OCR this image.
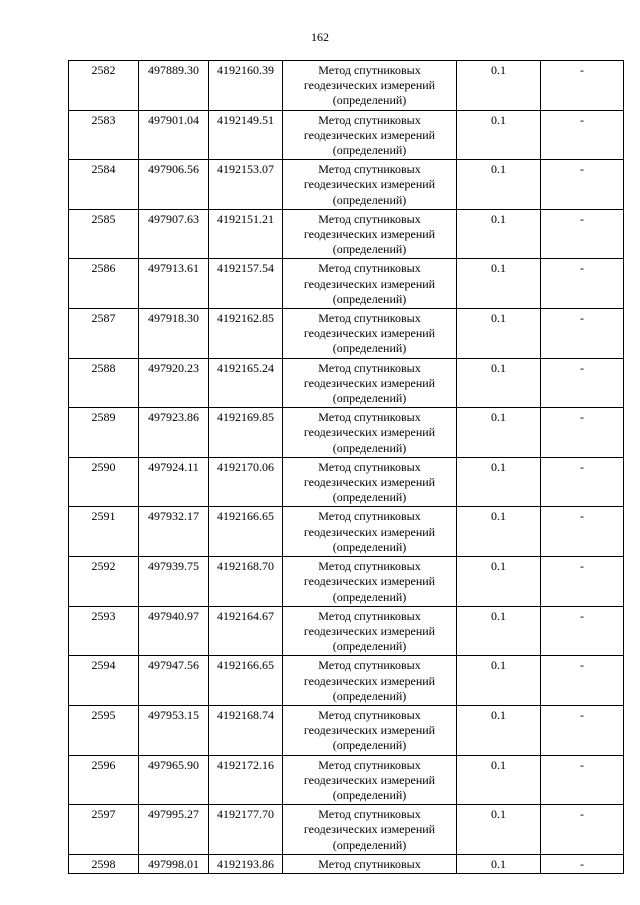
162
2582	497889.30	4192160.39	Метод спутниковых
геодезических измерений
(определений)	0.1	-
2583	497901.04	4192149.51	Метод спутниковых
геодезических измерений
(определений)	0.1	-
2584	497906.56	4192153.07	Метод спутниковых
геодезических измерений
(определений)	0.1	-
2585	497907.63	4192151.21	Метод спутниковых
геодезических измерений
(определений)	0.1	-
2586	497913.61	4192157.54	Метод спутниковых
геодезических измерений
(определений)	0.1	-
2587	497918.30	4192162.85	Метод спутниковых
геодезических измерений
(определений)	0.1	-
2588	497920.23	4192165.24	Метод спутниковых
геодезических измерений
(определений)	0.1	-
2589	497923.86	4192169.85	Метод спутниковых
геодезических измерений
(определений)	0.1	-
2590	497924.11	4192170.06	Метод спутниковых
геодезических измерений
(определений)	0.1	-
2591	497932.17	4192166.65	Метод спутниковых
геодезических измерений
(определений)	0.1	-
2592	497939.75	4192168.70	Метод спутниковых
геодезических измерений
(определений)	0.1	-
2593	497940.97	4192164.67	Метод спутниковых
геодезических измерений
(определений)	0.1	-
2594	497947.56	4192166.65	Метод спутниковых
геодезических измерений
(определений)	0.1	-
2595	497953.15	4192168.74	Метод спутниковых
геодезических измерений
(определений)	0.1	-
2596	497965.90	4192172.16	Метод спутниковых
геодезических измерений
(определений)	0.1	-
2597	497995.27	4192177.70	Метод спутниковых
геодезических измерений
(определений)	0.1	-
2598	497998.01	4192193.86	Метод спутниковых	0.1	-
